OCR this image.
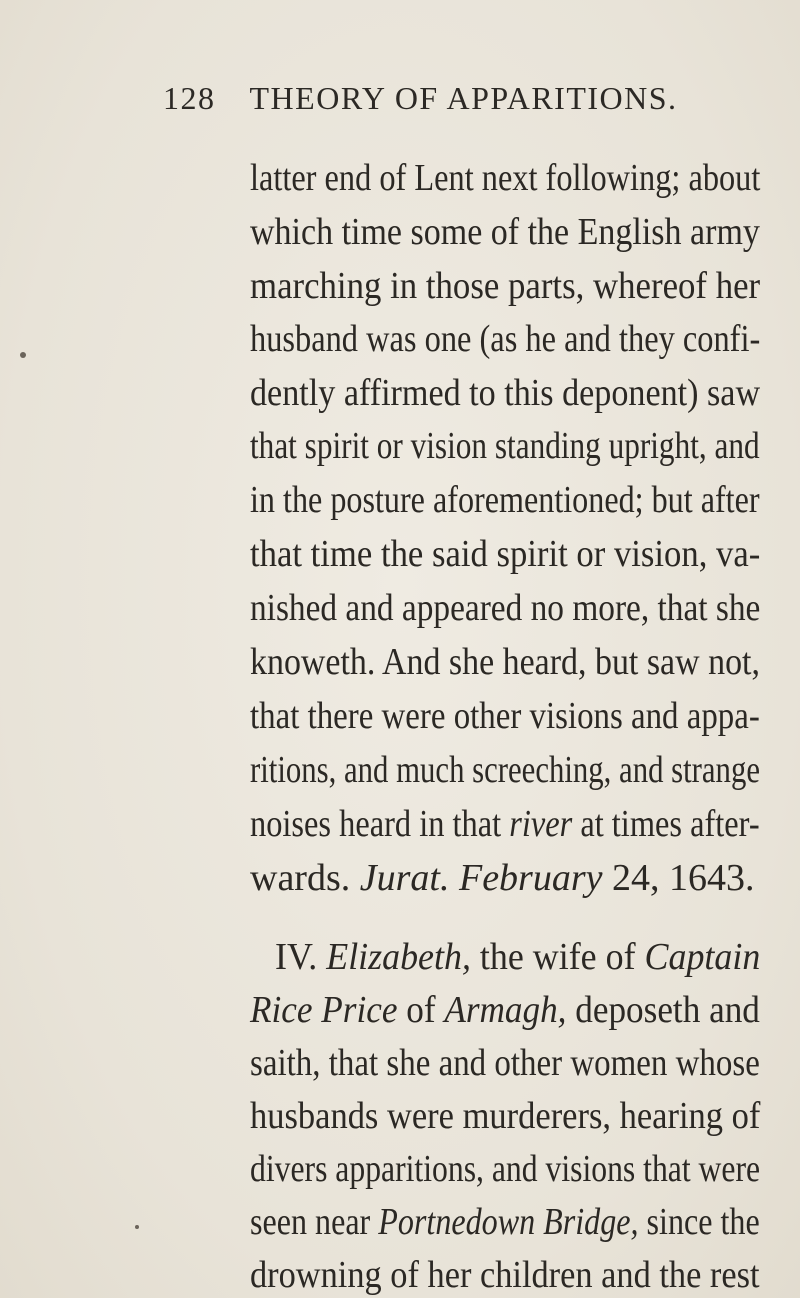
128 THEORY OF APPARITIONS.
latter end of Lent next following; about
which time some of the English army
marching in those parts, whereof her
husband was one (as he and they confi-
dently affirmed to this deponent) saw
that spirit or vision standing upright, and
in the posture aforementioned; but after
that time the said spirit or vision, va-
nished and appeared no more, that she
knoweth. And she heard, but saw not,
that there were other visions and appa-
ritions, and much screeching, and strange
noises heard in that river at times after-
wards. Jurat. February 24, 1643.
IV. Elizabeth, the wife of Captain
Rice Price of Armagh, deposeth and
saith, that she and other women whose
husbands were murderers, hearing of
divers apparitions, and visions that were
seen near Portnedown Bridge, since the
drowning of her children and the rest
